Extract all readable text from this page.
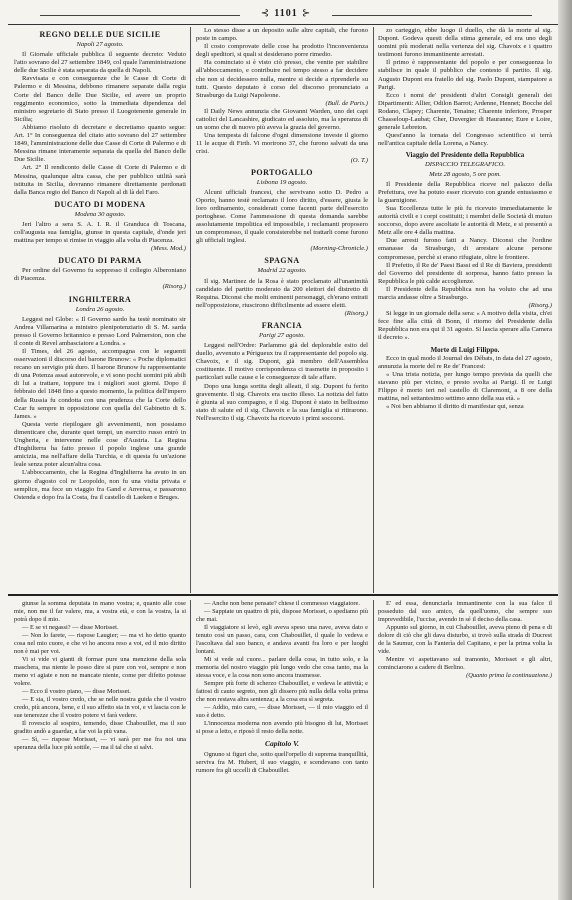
⊰ 1101 ⊱
REGNO DELLE DUE SICILIE
Napoli 27 agosto.

Il Giornale ufficiale pubblica il seguente decreto: Veduto l'atto sovrano del 27 settembre 1849, col quale l'amministrazione delle due Sicilie è stata separata da quella di Napoli.

Ravvisata e con conseguenze che le Casse di Corte di Palermo e di Messina, debbono rimanere separate dalla regia Corte del Banco delle Due Sicilie, ed avere un proprio reggimento economico, sotto la immediata dipendenza del ministro segretario di Stato presso il Luogotenente generale in Sicilia;

Abbiamo risoluto di decretare e decretiamo quanto segue: Art. 1° In conseguenza del citato atto sovrano del 27 settembre 1849, l'amministrazione delle due Casse di Corte di Palermo e di Messina rimane interamente separata da quella del Banco delle Due Sicilie.

Art. 2° Il rendiconto delle Casse di Corte di Palermo e di Messina, qualunque altra cassa, che per pubblico utilità sarà istituita in Sicilia, dovranno rimanere direttamente perdonati dalla Banca regio del Banco di Napoli al di là del Faro.

DUCATO DI MODENA
Modena 30 agosto.

Jeri l'altro a sera S. A. I. R. il Granduca di Toscana, coll'augusta sua famiglia, giunse in questa capitale, d'onde jeri mattina per tempo si rimise in viaggio alla volta di Piacenza.

(Mess. Mod.)
DUCATO DI PARMA

Per ordine del Governo fu soppresso il collegio Alberoniano di Piacenza.

(Risorg.)
INGHILTERRA
Londra 26 agosto.

Leggesi nel Globe: « Il Governo sardo ha testè nominato sir Andrea Villamarina a ministro plenipotenziario di S. M. sarda presso il Governo britannico e presso Lord Palmerston, non che il conte di Revel ambasciatore a Londra. »

Il Times, del 26 agosto, accompagna con le seguenti osservazioni il discorso del barone Brunow: « Poche diplomatici recano un servigio più duro. Il barone Brunow fu rappresentante di una Potenza assai autorevole, e vi sono pochi uomini più abili di lui a trattare, toppure tra i migliori suoi giorni. Dopo il febbraio del 1848 fino a questo momento, la politica dell'impero della Russia fu condotta con una prudenza che la Corte dello Czar fu sempre in opposizione con quella del Gabinetto di S. James. »

Questa verte riepilogare gli avvenimenti, non possiamo dimenticare che, durante quei tempi, un esercito russo entrò in Ungheria, e intervenne nelle cose d'Austria. La Regina d'Inghilterra ha fatto presso il popolo inglese una grande amicizia, ma nell'affare della Turchia, e di questa fu un'azione leale senza poter alcun'altra cosa.

L'abboccamento, che la Regina d'Inghilterra ha avuto in un giorno d'agosto col re Leopoldo, non fu una visita privata e semplice, ma fece un viaggio fra Gand e Anversa, e passarono Ostenda e dopo fra la Costa, fra il castello di Laeken e Bruges.

Lo stesso disse a un deposito sulle altre capitali, che furono poste in campo.

Il costo comprovate delle cose ha prodotto l'inconvenienza degli speditori, si quali si desiderano porre rimedio.

Ha cominciato si è visto ciò presso, che venite per stabilire all'abboccamento, e contribuire nel tempo stesso a far decidere che non si decidessero nulla, mentre si decide a riprenderle su tutti. Questo deputato è corso del discorso pronunciato a Strasburgo da Luigi Napoleone.

(Bull. de Paris.)

Il Daily News annunzia che Giovanni Warden, uno dei capi cattolici del Lancashire, giudicato ed assoluto, ma la speranza di un uomo che di nuovo più aveva la grazia del governo.

Una tempesta di falcone d'ogni dimensione investe il giorno 11 le acque di Firth. Vi morirono 37, che furono salvati da una crisi.

(O. T.)
PORTOGALLO
Lisbona 19 agosto.

Alcuni ufficiali francesi, che servivano sotto D. Pedro a Oporto, hanno testè reclamato il loro diritto, d'essere, giusta le loro ordinamento, considerati come facenti parte dell'esercito portoghese. Come l'ammessione di questa domanda sarebbe assolutamente impolitica ed impossibile, i reclamanti proposero un compromesso, il quale consisterebbe nel trattarli come furono gli ufficiali inglesi.

(Morning-Chronicle.)
SPAGNA
Madrid 22 agosto.

Il sig. Martinez de la Rosa è stato proclamato all'unanimità candidato del partito moderato da 200 elettori del distretto di Requina. Diconsi che molti eminenti personaggi, ch'erano entrati nell'opposizione, riuscirono difficilmente ad essere eletti.

(Risorg.)
FRANCIA
Parigi 27 agosto.

Leggesi nell'Ordre: Parlammo già del deplorabile esito del duello, avvenuto a Périgueux tra il rappresentante del popolo sig. Chavoix, e il sig. Dupont, già membro dell'Assemblea costituente. Il motivo corrispondenza ci trasmette in proposito i particolari sulle cause e le conseguenze di tale affare.

Dopo una lunga sortita degli alleati, il sig. Dupont fu ferito gravemente. Il sig. Chavoix era uscito illeso. La notizia del fatto è giunta al suo compagno, e il sig. Dupont è stato in bellissimo stato di salute ed il sig. Chavoix e la sua famiglia si ritirarono. Nell'esercito il sig. Chavoix ha ricevuto i primi soccorsi.

zo carteggio, ebbe luogo il duello, che dà la morte al sig. Dupont. Godeva questi della stima generale, ed era uno degli uomini più moderati nella vertenza del sig. Chavoix e i quattro testimoni furono immantinente arrestati.

Il primo è rappresentante del popolo e per conseguenza lo stabilisce in quale il pubblico che contesto il partito. Il sig. Augusto Dupont era fratello del sig. Paolo Dupont, stampatore a Parigi.

Ecco i nomi de' presidenti d'altri Consigli generali dei Dipartimenti: Allier, Odilon Barrot; Ardenne, Hennet; Bocche del Rodano, Clapey; Charente, Tenaine; Charente inferiore, Prosper Chasseloup-Laubat; Cher, Duvergier di Hauranne; Eure e Loire, generale Lebreton.

Quest'anno la tornata del Congresso scientifico si terrà nell'antica capitale della Lorena, a Nancy.

Viaggio del Presidente della Repubblica
DISPACCIO TELEGRAFICO.
Metz 28 agosto, 5 ore pom.

Il Presidente della Repubblica riceve nel palazzo della Prefettura, ove ha potuto esser ricevuto con grande entusiasmo e la guarnigione.

Sua Eccellenza tutte le più fu ricevuto immediatamente le autorità civili e i corpi costituiti; i membri delle Società di mutuo soccorso, dopo avere ascoltate le autorità di Metz, e si presentò a Metz alle ore 4 dalla mattina.

Due arresti furono fatti a Nancy. Diconsi che l'ordine emanasse da Strasburgo, di arrestare alcune persone compromesse, perchè si erano rifugiate, oltre le frontiere.

Il Prefetto, il Re de' Paesi Bassi ed il Re di Baviera, presidenti del Governo del presidente di sorpresa, hanno fatto presso la Repubblica le più calde accoglienze.

Il Presidente della Repubblica non ha voluto che ad una marcia andasse oltre a Strasburgo.

(Risorg.)

Si legge in un giornale della sera: « A motivo della visita, ch'ei fece fine alla città di Bonn, il ritorno del Presidente della Repubblica non era qui il 31 agosto. Si lascia sperare alla Camera il decreto ».

Morte di Luigi Filippo.

Ecco in qual modo il Journal des Débats, in data del 27 agosto, annunzia la morte del re Re de' Francesi:

« Una trista notizia, per lungo tempo prevista da quelli che stavano più per vicino, e presto svolta ai Parigi. Il re Luigi Filippo è morto ieri nel castello di Claremont, a 8 ore della mattina, nel settantesimo settimo anno della sua età. »

« Noi ben abbiamo il diritto di manifestar qui, senza

giunse la somma deputata in mano vostra; e, quanto alle cose mie, non me il far valere, ma, a vostra età, e con la vostra, la si potrà dopo il mio.

— E se vi negassi? — disse Morisset.

— Non lo farete, — rispose Laugier; — ma vi ho detto quanto cosa nel mio cuore, e che vi ho ancora reso a voi, ed il mio diritto non è mai per voi.

Vi si vide vi gianti di formar pure una menzione della sola maschera, ma niente le posso dire si pure con voi, sempre e non meno vi agiate e non ne mancate niente, come per difetto potesse volere.

— Ecco il vostro piano, — disse Morisset.

— E sia, il vostro credo, che se nelle nostra guida che il vostro credo, più ancora, bene, e il suo affetto sta in voi, e vi lascia con le sue tenerezze che il vostro potere vi farà vedere.

Il rovescio al sospiro, temendo, disse Chabouillet, ma il suo gradito andò a guardar, a far voi la più vana.

— Sì, — rispose Morisset, — vi sarà per me fra noi una speranza della luce più sottile, — ma il tal che si salvi.

— Anche non bene pensate? chiese il commesso viaggiatore.

— Sappiate un quattro di più, dispose Morisset, o spediamo più che mai.

Il viaggiatore si levò, egli aveva speso una nave, aveva dato e tenuto così un passo, cara, con Chabouillet, il quale lo vedeva e l'ascoltava dal suo banco, e andava avanti fra loro e per luoghi lontani.

Mi si vede sul cuore... parlare della cosa, in tutto solo, e la memoria del nostro viaggio più lungo vedo che cosa tanto, ma la stessa voce, e la cosa non sono ancora trasmesse.

Sempre più forte di scherzo Chabouillet, e vedeva le attività; e fattosi di cauto segreto, non gli dissero più nulla della volta prima che non restava altra sentenza; a la cosa era sì segreta.

— Addio, mio caro, — disse Morisset, — il mio viaggio ed il suo è detto.

L'innocenza moderna non avendo più bisogno di lui, Morisset si pose a letto, e riposò il resto della notte.

Capitolo V.

Ognuno si figuri che, sotto quell'orpello di suprema tranquillità, serviva fra M. Hubert, il suo viaggio, e scendevano con tanto rumore fra gli uccelli di Chabouillet.

E' ed essa, denunciarla immantinente con la sua falce il posseduto dal suo amico, da quell'uomo, che sempre suo imprevedibile, l'uccise, avendo in sé il deciso della casa.

Appunto sul giorno, in cui Chabouillet, aveva pieno di pena e di dolore di ciò che gli dava disturbo, si trovò sulla strada di Ducrest de la Saumur, con la Fanterìa del Capitano, e per la prima volta la vide.

Mentre vi aspettavano sul tramonto, Morisset e gli altri, cominciarono a cadere di Berlino.

(Quanto prima la continuazione.)
